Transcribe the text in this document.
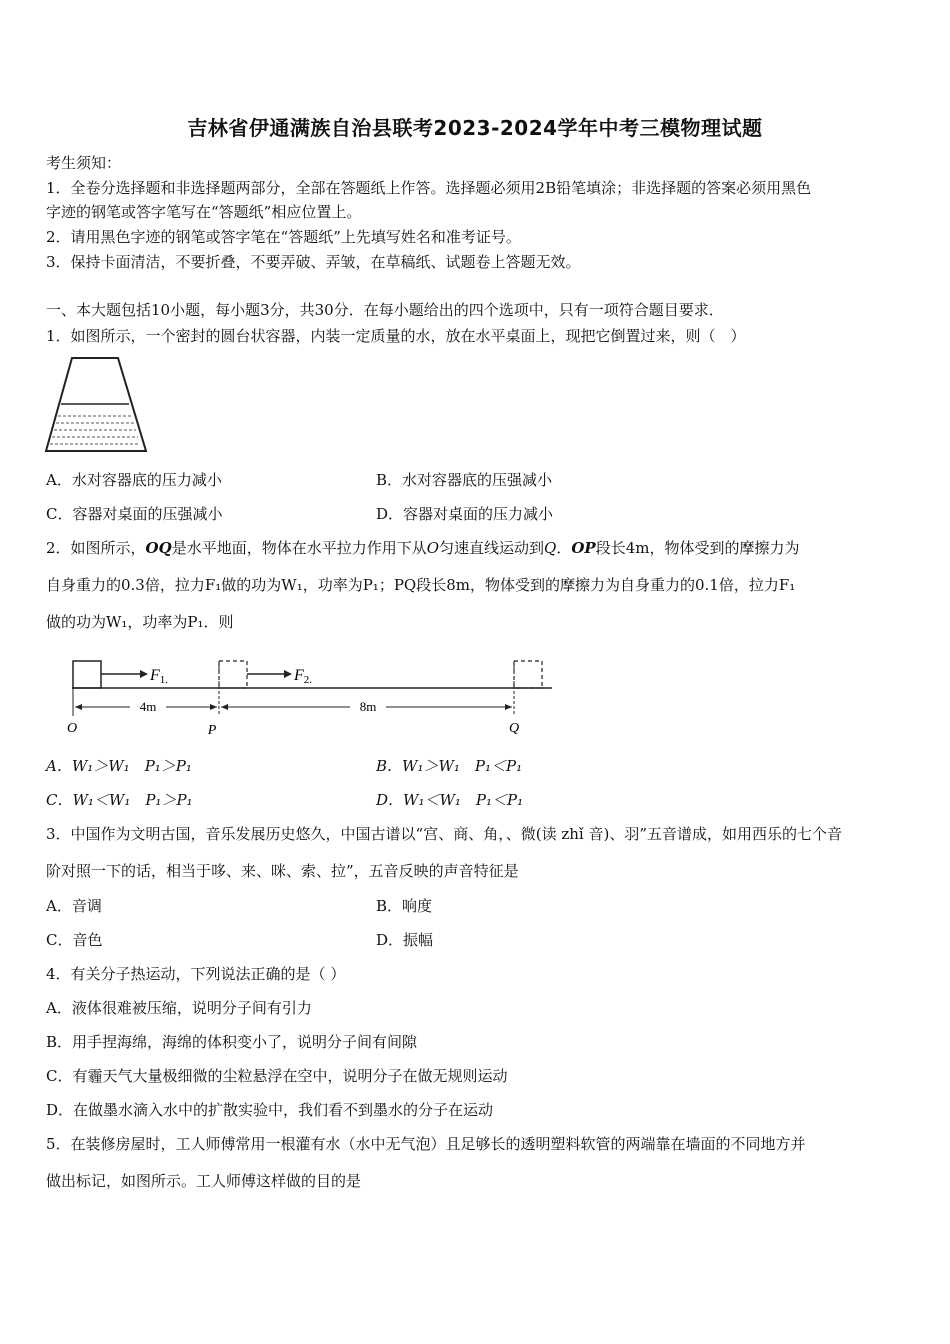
吉林省伊通满族自治县联考2023-2024学年中考三模物理试题
考生须知：
1．全卷分选择题和非选择题两部分，全部在答题纸上作答。选择题必须用2B铅笔填涂；非选择题的答案必须用黑色
字迹的钢笔或答字笔写在“答题纸”相应位置上。
2．请用黑色字迹的钢笔或答字笔在“答题纸”上先填写姓名和准考证号。
3．保持卡面清洁，不要折叠，不要弄破、弄皱，在草稿纸、试题卷上答题无效。
一、本大题包括10小题，每小题3分，共30分．在每小题给出的四个选项中，只有一项符合题目要求．
1．如图所示，一个密封的圆台状容器，内装一定质量的水，放在水平桌面上，现把它倒置过来，则（　）
A．水对容器底的压力减小	B．水对容器底的压强减小
C．容器对桌面的压强减小	D．容器对桌面的压力减小
2．如图所示，OQ是水平地面，物体在水平拉力作用下从O匀速直线运动到Q．OP段长4m，物体受到的摩擦力为
自身重力的0.3倍，拉力F₁做的功为W₁，功率为P₁；PQ段长8m，物体受到的摩擦力为自身重力的0.1倍，拉力F₁
做的功为W₁，功率为P₁．则
F1.	F2.
4m	8m
O	P	Q
A．W₁＞W₁　P₁＞P₁	B．W₁＞W₁　P₁＜P₁
C．W₁＜W₁　P₁＞P₁	D．W₁＜W₁　P₁＜P₁
3．中国作为文明古国，音乐发展历史悠久，中国古谱以“宫、商、角，、微(读 zhǐ 音)、羽”五音谱成，如用西乐的七个音
阶对照一下的话，相当于哆、来、咪、索、拉”，五音反映的声音特征是
A．音调	B．响度
C．音色	D．振幅
4．有关分子热运动，下列说法正确的是（ ）
A．液体很难被压缩，说明分子间有引力
B．用手捏海绵，海绵的体积变小了，说明分子间有间隙
C．有霾天气大量极细微的尘粒悬浮在空中，说明分子在做无规则运动
D．在做墨水滴入水中的扩散实验中，我们看不到墨水的分子在运动
5．在装修房屋时，工人师傅常用一根灌有水（水中无气泡）且足够长的透明塑料软管的两端靠在墙面的不同地方并
做出标记，如图所示。工人师傅这样做的目的是
